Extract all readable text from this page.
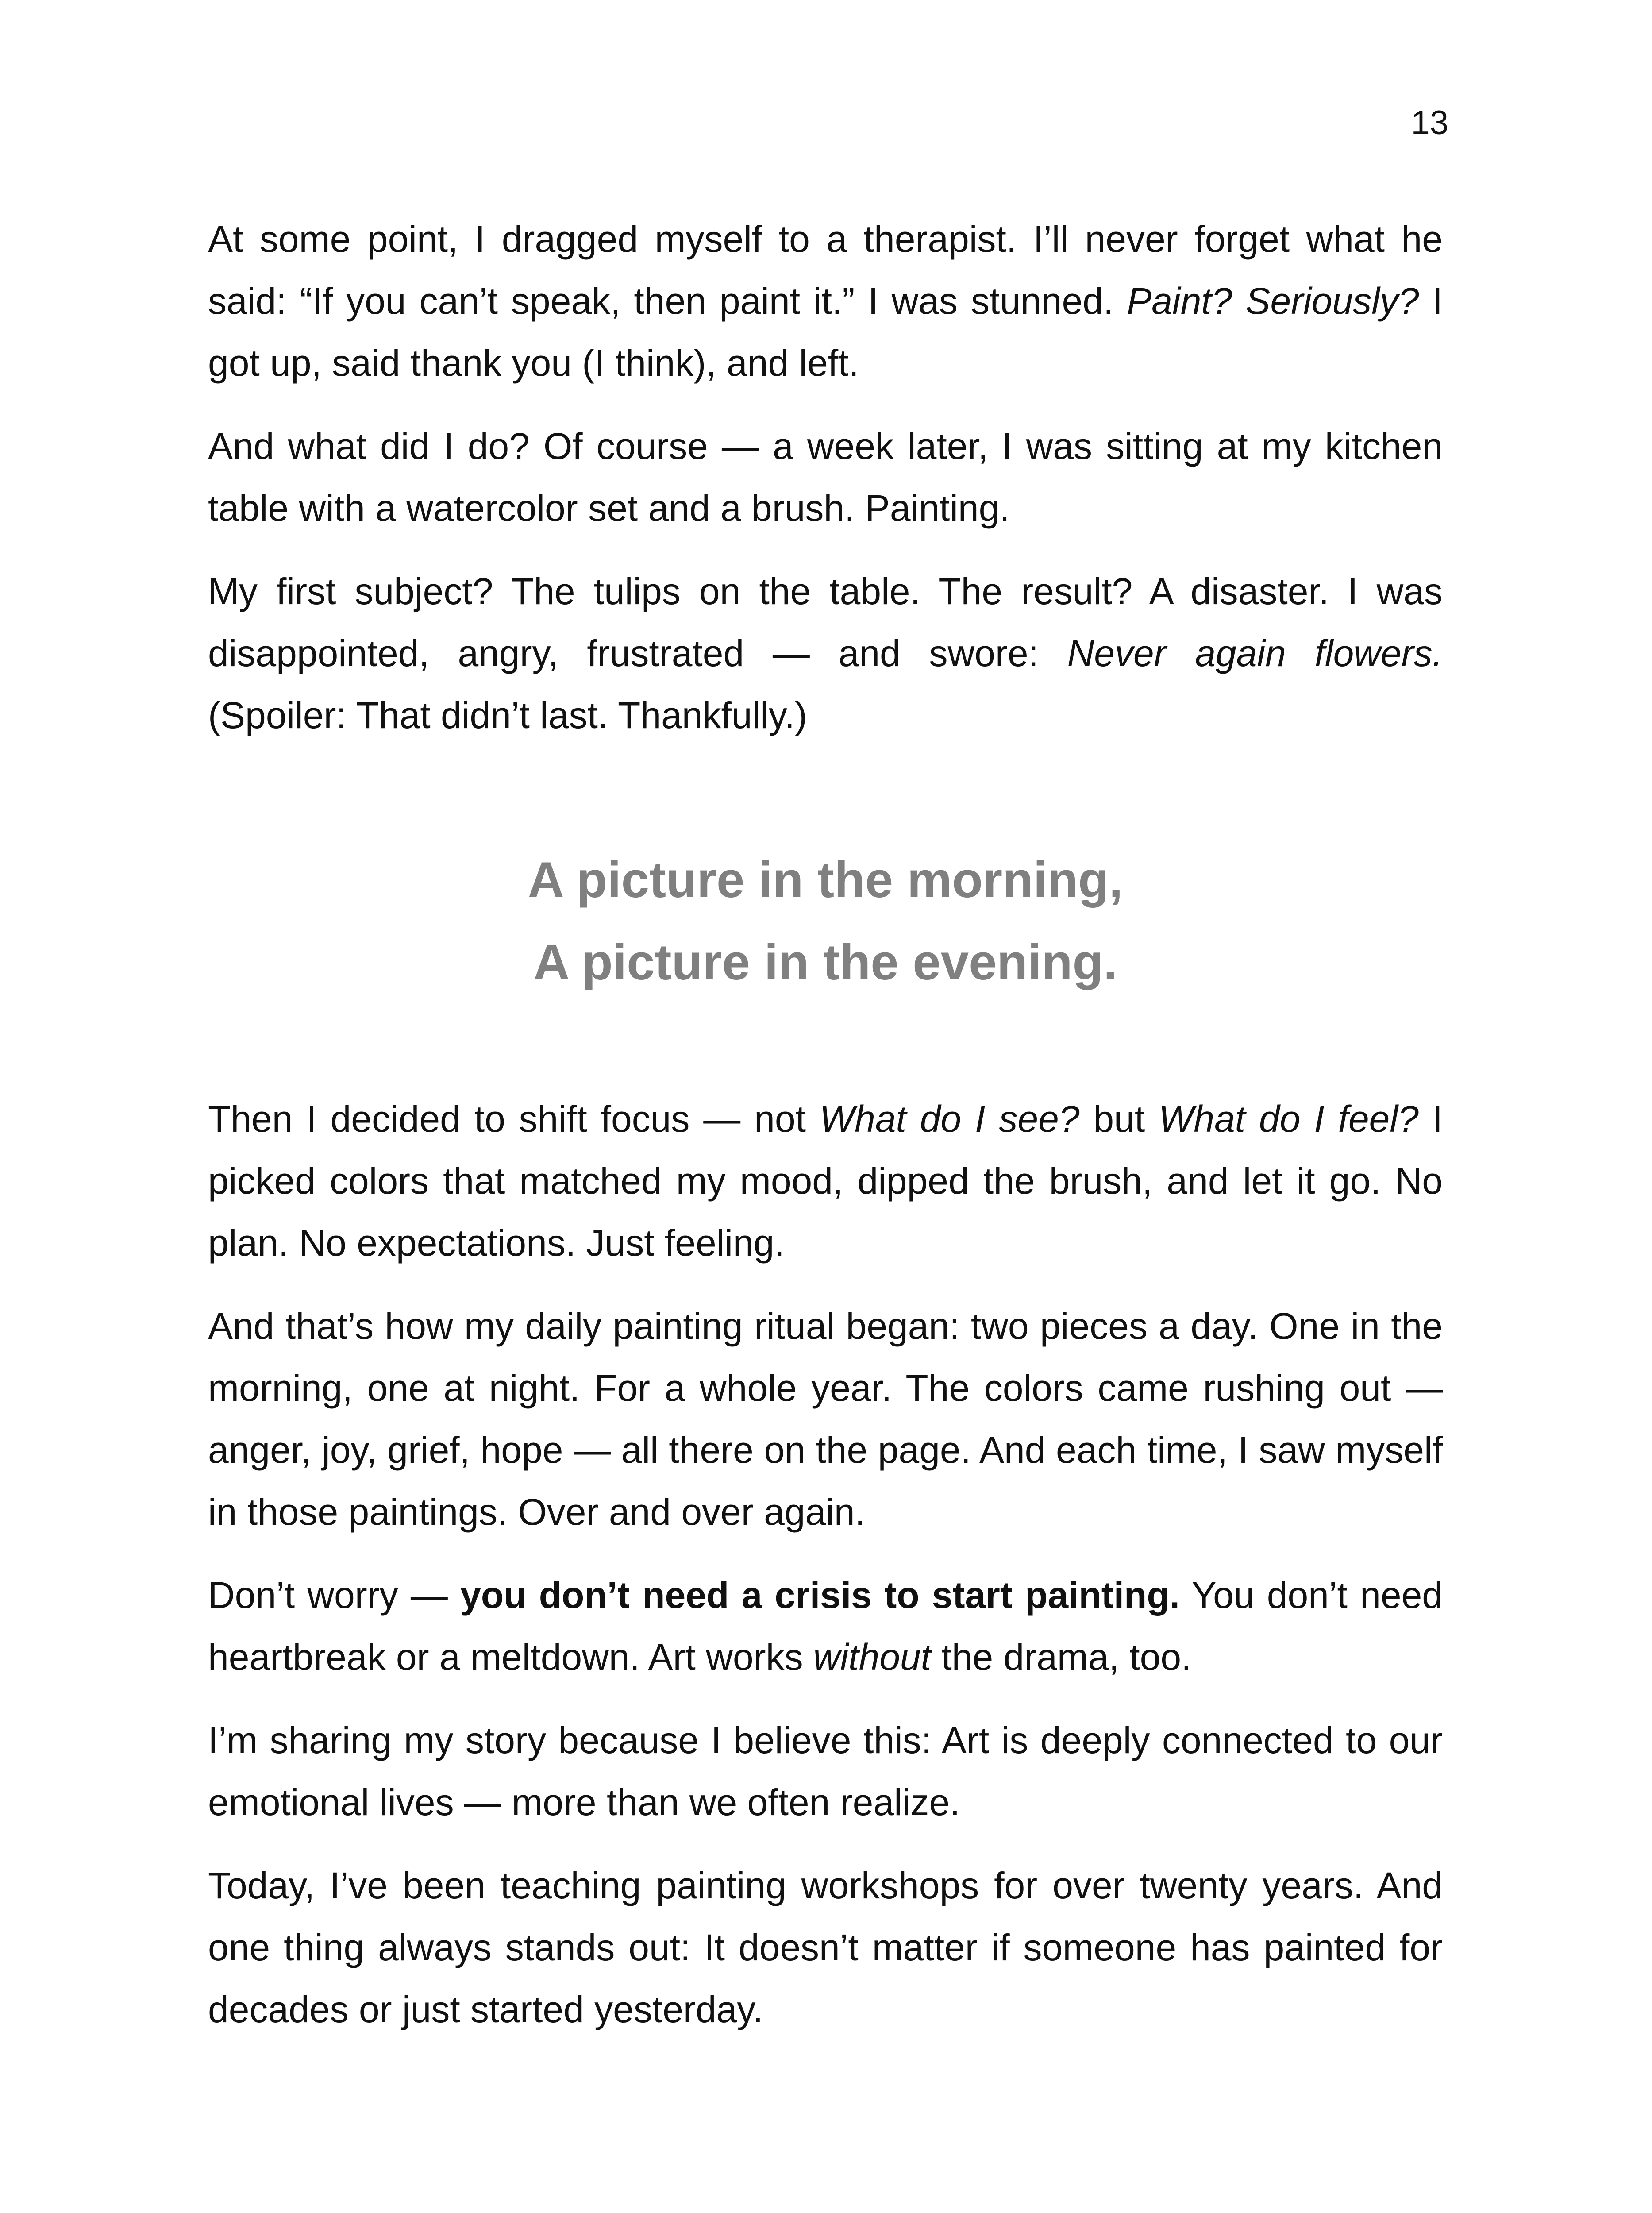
13

At some point, I dragged myself to a therapist. I’ll never forget what he said: “If you can’t speak, then paint it.” I was stunned. Paint? Seriously? I got up, said thank you (I think), and left.

And what did I do? Of course — a week later, I was sitting at my kitchen table with a watercolor set and a brush. Painting.

My first subject? The tulips on the table. The result? A disaster. I was disappointed, angry, frustrated — and swore: Never again flowers. (Spoiler: That didn’t last. Thankfully.)

A picture in the morning,
A picture in the evening.

Then I decided to shift focus — not What do I see? but What do I feel? I picked colors that matched my mood, dipped the brush, and let it go. No plan. No expectations. Just feeling.

And that’s how my daily painting ritual began: two pieces a day. One in the morning, one at night. For a whole year. The colors came rushing out — anger, joy, grief, hope — all there on the page. And each time, I saw myself in those paintings. Over and over again.

Don’t worry — you don’t need a crisis to start painting. You don’t need heartbreak or a meltdown. Art works without the drama, too.

I’m sharing my story because I believe this: Art is deeply connected to our emotional lives — more than we often realize.

Today, I’ve been teaching painting workshops for over twenty years. And one thing always stands out: It doesn’t matter if someone has painted for decades or just started yesterday.
